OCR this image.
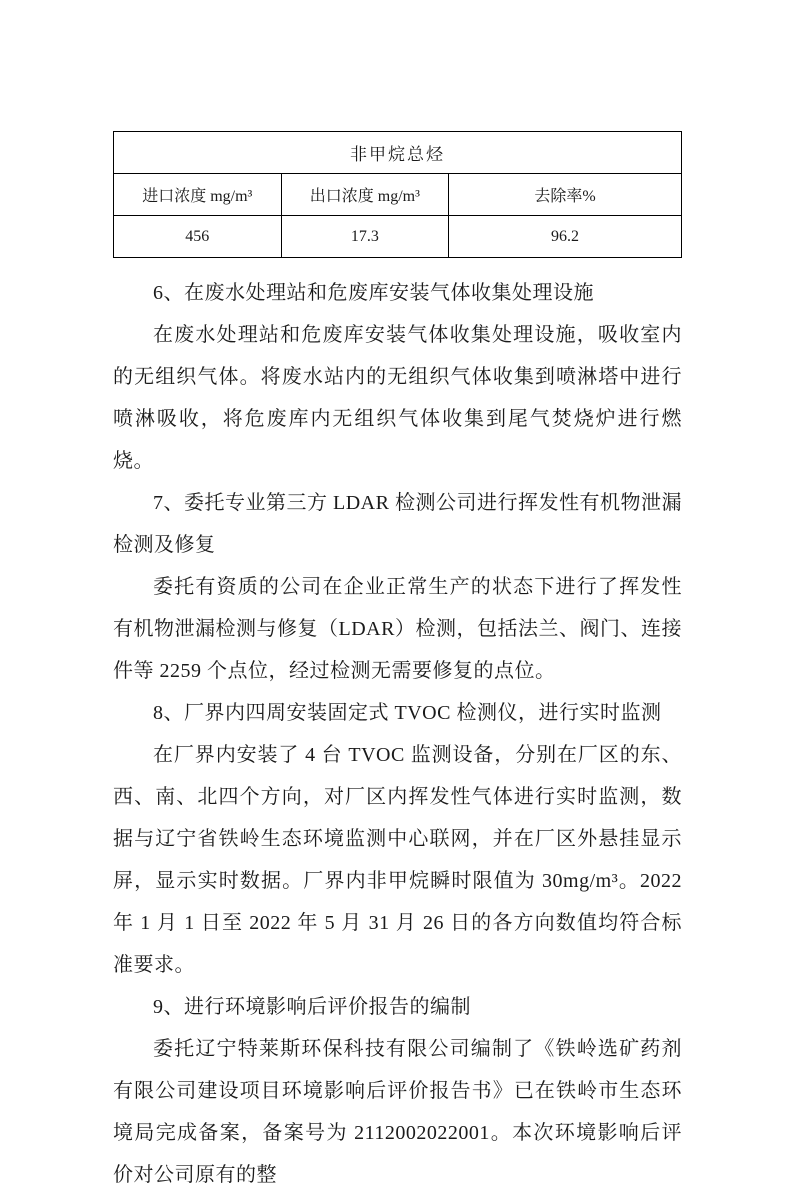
非甲烷总烃		
进口浓度 mg/m³	出口浓度 mg/m³	去除率%
456	17.3	96.2

6、在废水处理站和危废库安装气体收集处理设施

在废水处理站和危废库安装气体收集处理设施，吸收室内的无组织气体。将废水站内的无组织气体收集到喷淋塔中进行喷淋吸收，将危废库内无组织气体收集到尾气焚烧炉进行燃烧。

7、委托专业第三方 LDAR 检测公司进行挥发性有机物泄漏检测及修复

委托有资质的公司在企业正常生产的状态下进行了挥发性有机物泄漏检测与修复（LDAR）检测，包括法兰、阀门、连接件等 2259 个点位，经过检测无需要修复的点位。

8、厂界内四周安装固定式 TVOC 检测仪，进行实时监测

在厂界内安装了 4 台 TVOC 监测设备，分别在厂区的东、西、南、北四个方向，对厂区内挥发性气体进行实时监测，数据与辽宁省铁岭生态环境监测中心联网，并在厂区外悬挂显示屏，显示实时数据。厂界内非甲烷瞬时限值为 30mg/m³。2022 年 1 月 1 日至 2022 年 5 月 31 月 26 日的各方向数值均符合标准要求。

9、进行环境影响后评价报告的编制

委托辽宁特莱斯环保科技有限公司编制了《铁岭选矿药剂有限公司建设项目环境影响后评价报告书》已在铁岭市生态环境局完成备案，备案号为 2112002022001。本次环境影响后评价对公司原有的整
